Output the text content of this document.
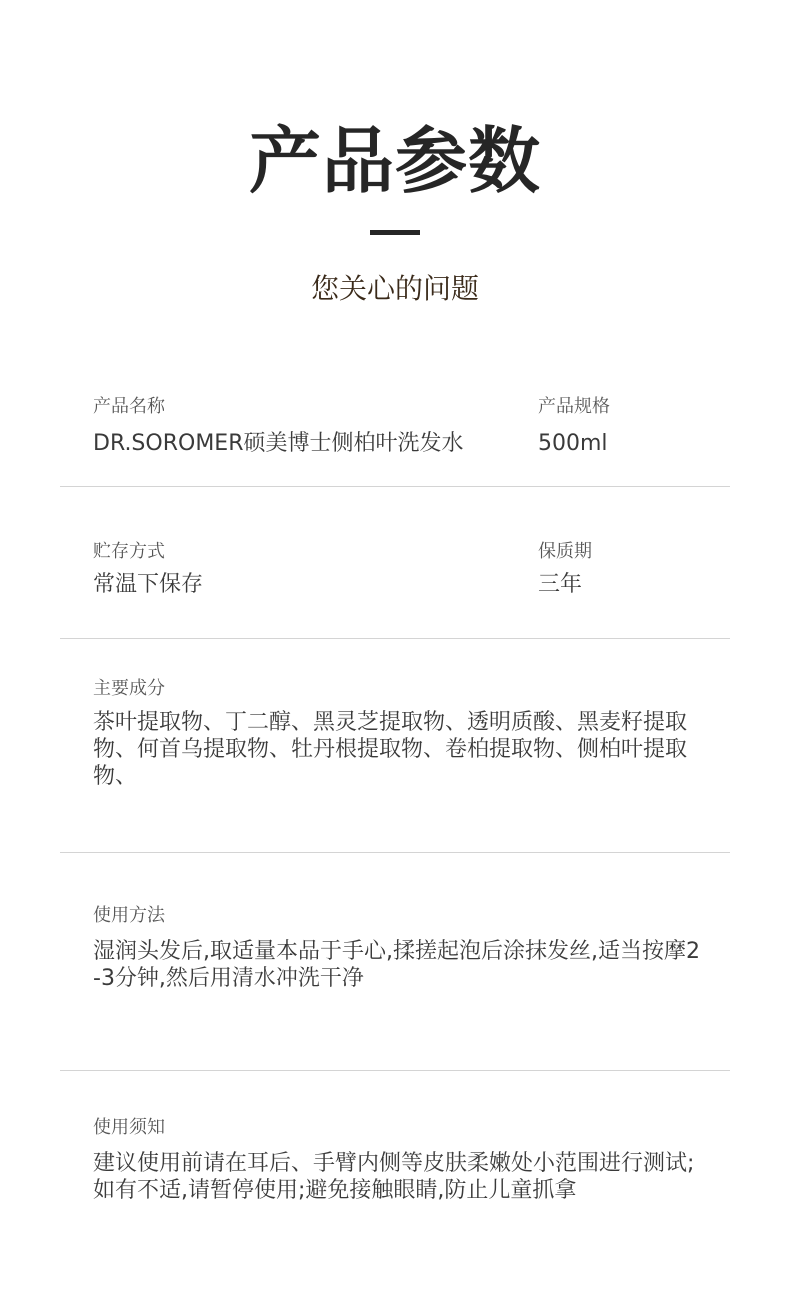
产品参数
您关心的问题
产品名称
DR.SOROMER硕美博士侧柏叶洗发水
产品规格
500ml
贮存方式
常温下保存
保质期
三年
主要成分
茶叶提取物、丁二醇、黑灵芝提取物、透明质酸、黑麦籽提取物、何首乌提取物、牡丹根提取物、卷柏提取物、侧柏叶提取物、
使用方法
湿润头发后,取适量本品于手心,揉搓起泡后涂抹发丝,适当按摩2-3分钟,然后用清水冲洗干净
使用须知
建议使用前请在耳后、手臂内侧等皮肤柔嫩处小范围进行测试;如有不适,请暂停使用;避免接触眼睛,防止儿童抓拿
